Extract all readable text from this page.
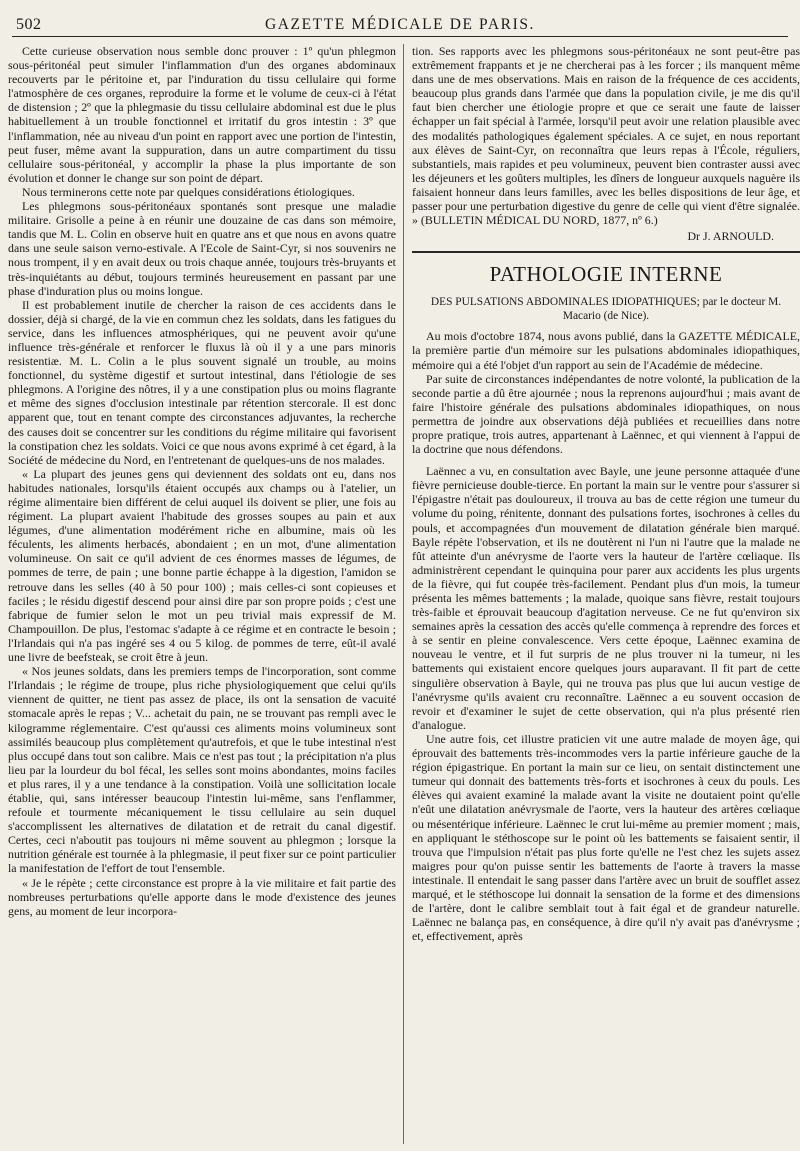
502	GAZETTE MÉDICALE DE PARIS.

Cette curieuse observation nous semble donc prouver : 1º qu'un phlegmon sous-péritonéal peut simuler l'inflammation d'un des organes abdominaux recouverts par le péritoine et, par l'induration du tissu cellulaire qui forme l'atmosphère de ces organes, reproduire la forme et le volume de ceux-ci à l'état de distension ; 2º que la phlegmasie du tissu cellulaire abdominal est due le plus habituellement à un trouble fonctionnel et irritatif du gros intestin : 3º que l'inflammation, née au niveau d'un point en rapport avec une portion de l'intestin, peut fuser, même avant la suppuration, dans un autre compartiment du tissu cellulaire sous-péritonéal, y accomplir la phase la plus importante de son évolution et donner le change sur son point de départ.

Nous terminerons cette note par quelques considérations étiologiques.

Les phlegmons sous-péritonéaux spontanés sont presque une maladie militaire. Grisolle a peine à en réunir une douzaine de cas dans son mémoire, tandis que M. L. Colin en observe huit en quatre ans et que nous en avons quatre dans une seule saison verno-estivale. A l'Ecole de Saint-Cyr, si nos souvenirs ne nous trompent, il y en avait deux ou trois chaque année, toujours très-bruyants et très-inquiétants au début, toujours terminés heureusement en passant par une phase d'induration plus ou moins longue.

Il est probablement inutile de chercher la raison de ces accidents dans le dossier, déjà si chargé, de la vie en commun chez les soldats, dans les fatigues du service, dans les influences atmosphériques, qui ne peuvent avoir qu'une influence très-générale et renforcer le fluxus là où il y a une pars minoris resistentiæ. M. L. Colin a le plus souvent signalé un trouble, au moins fonctionnel, du système digestif et surtout intestinal, dans l'étiologie de ses phlegmons. A l'origine des nôtres, il y a une constipation plus ou moins flagrante et même des signes d'occlusion intestinale par rétention stercorale. Il est donc apparent que, tout en tenant compte des circonstances adjuvantes, la recherche des causes doit se concentrer sur les conditions du régime militaire qui favorisent la constipation chez les soldats. Voici ce que nous avons exprimé à cet égard, à la Société de médecine du Nord, en l'entretenant de quelques-uns de nos malades.

« La plupart des jeunes gens qui deviennent des soldats ont eu, dans nos habitudes nationales, lorsqu'ils étaient occupés aux champs ou à l'atelier, un régime alimentaire bien différent de celui auquel ils doivent se plier, une fois au régiment. La plupart avaient l'habitude des grosses soupes au pain et aux légumes, d'une alimentation modérément riche en albumine, mais où les féculents, les aliments herbacés, abondaient ; en un mot, d'une alimentation volumineuse. On sait ce qu'il advient de ces énormes masses de légumes, de pommes de terre, de pain ; une bonne partie échappe à la digestion, l'amidon se retrouve dans les selles (40 à 50 pour 100) ; mais celles-ci sont copieuses et faciles ; le résidu digestif descend pour ainsi dire par son propre poids ; c'est une fabrique de fumier selon le mot un peu trivial mais expressif de M. Champouillon. De plus, l'estomac s'adapte à ce régime et en contracte le besoin ; l'Irlandais qui n'a pas ingéré ses 4 ou 5 kilog. de pommes de terre, eût-il avalé une livre de beefsteak, se croit être à jeun.

« Nos jeunes soldats, dans les premiers temps de l'incorporation, sont comme l'Irlandais ; le régime de troupe, plus riche physiologiquement que celui qu'ils viennent de quitter, ne tient pas assez de place, ils ont la sensation de vacuité stomacale après le repas ; V... achetait du pain, ne se trouvant pas rempli avec le kilogramme réglementaire. C'est qu'aussi ces aliments moins volumineux sont assimilés beaucoup plus complètement qu'autrefois, et que le tube intestinal n'est plus occupé dans tout son calibre. Mais ce n'est pas tout ; la précipitation n'a plus lieu par la lourdeur du bol fécal, les selles sont moins abondantes, moins faciles et plus rares, il y a une tendance à la constipation. Voilà une sollicitation locale établie, qui, sans intéresser beaucoup l'intestin lui-même, sans l'enflammer, refoule et tourmente mécaniquement le tissu cellulaire au sein duquel s'accomplissent les alternatives de dilatation et de retrait du canal digestif. Certes, ceci n'aboutit pas toujours ni même souvent au phlegmon ; lorsque la nutrition générale est tournée à la phlegmasie, il peut fixer sur ce point particulier la manifestation de l'effort de tout l'ensemble.

« Je le répète ; cette circonstance est propre à la vie militaire et fait partie des nombreuses perturbations qu'elle apporte dans le mode d'existence des jeunes gens, au moment de leur incorpora-

tion. Ses rapports avec les phlegmons sous-péritonéaux ne sont peut-être pas extrêmement frappants et je ne chercherai pas à les forcer ; ils manquent même dans une de mes observations. Mais en raison de la fréquence de ces accidents, beaucoup plus grands dans l'armée que dans la population civile, je me dis qu'il faut bien chercher une étiologie propre et que ce serait une faute de laisser échapper un fait spécial à l'armée, lorsqu'il peut avoir une relation plausible avec des modalités pathologiques également spéciales. A ce sujet, en nous reportant aux élèves de Saint-Cyr, on reconnaîtra que leurs repas à l'École, réguliers, substantiels, mais rapides et peu volumineux, peuvent bien contraster aussi avec les déjeuners et les goûters multiples, les dîners de longueur auxquels naguère ils faisaient honneur dans leurs familles, avec les belles dispositions de leur âge, et passer pour une perturbation digestive du genre de celle qui vient d'être signalée. » (BULLETIN MÉDICAL DU NORD, 1877, nº 6.)

Dr J. ARNOULD.
PATHOLOGIE INTERNE
DES PULSATIONS ABDOMINALES IDIOPATHIQUES; par le docteur M. Macario (de Nice).

Au mois d'octobre 1874, nous avons publié, dans la GAZETTE MÉDICALE, la première partie d'un mémoire sur les pulsations abdominales idiopathiques, mémoire qui a été l'objet d'un rapport au sein de l'Académie de médecine.

Par suite de circonstances indépendantes de notre volonté, la publication de la seconde partie a dû être ajournée ; nous la reprenons aujourd'hui ; mais avant de faire l'histoire générale des pulsations abdominales idiopathiques, on nous permettra de joindre aux observations déjà publiées et recueillies dans notre propre pratique, trois autres, appartenant à Laënnec, et qui viennent à l'appui de la doctrine que nous défendons.

Laënnec a vu, en consultation avec Bayle, une jeune personne attaquée d'une fièvre pernicieuse double-tierce. En portant la main sur le ventre pour s'assurer si l'épigastre n'était pas douloureux, il trouva au bas de cette région une tumeur du volume du poing, rénitente, donnant des pulsations fortes, isochrones à celles du pouls, et accompagnées d'un mouvement de dilatation générale bien marqué. Bayle répète l'observation, et ils ne doutèrent ni l'un ni l'autre que la malade ne fût atteinte d'un anévrysme de l'aorte vers la hauteur de l'artère cœliaque. Ils administrèrent cependant le quinquina pour parer aux accidents les plus urgents de la fièvre, qui fut coupée très-facilement. Pendant plus d'un mois, la tumeur présenta les mêmes battements ; la malade, quoique sans fièvre, restait toujours très-faible et éprouvait beaucoup d'agitation nerveuse. Ce ne fut qu'environ six semaines après la cessation des accès qu'elle commença à reprendre des forces et à se sentir en pleine convalescence. Vers cette époque, Laënnec examina de nouveau le ventre, et il fut surpris de ne plus trouver ni la tumeur, ni les battements qui existaient encore quelques jours auparavant. Il fit part de cette singulière observation à Bayle, qui ne trouva pas plus que lui aucun vestige de l'anévrysme qu'ils avaient cru reconnaître. Laënnec a eu souvent occasion de revoir et d'examiner le sujet de cette observation, qui n'a plus présenté rien d'analogue.

Une autre fois, cet illustre praticien vit une autre malade de moyen âge, qui éprouvait des battements très-incommodes vers la partie inférieure gauche de la région épigastrique. En portant la main sur ce lieu, on sentait distinctement une tumeur qui donnait des battements très-forts et isochrones à ceux du pouls. Les élèves qui avaient examiné la malade avant la visite ne doutaient point qu'elle n'eût une dilatation anévrysmale de l'aorte, vers la hauteur des artères cœliaque ou mésentérique inférieure. Laënnec le crut lui-même au premier moment ; mais, en appliquant le stéthoscope sur le point où les battements se faisaient sentir, il trouva que l'impulsion n'était pas plus forte qu'elle ne l'est chez les sujets assez maigres pour qu'on puisse sentir les battements de l'aorte à travers la masse intestinale. Il entendait le sang passer dans l'artère avec un bruit de soufflet assez marqué, et le stéthoscope lui donnait la sensation de la forme et des dimensions de l'artère, dont le calibre semblait tout à fait égal et de grandeur naturelle. Laënnec ne balança pas, en conséquence, à dire qu'il n'y avait pas d'anévrysme ; et, effectivement, après
